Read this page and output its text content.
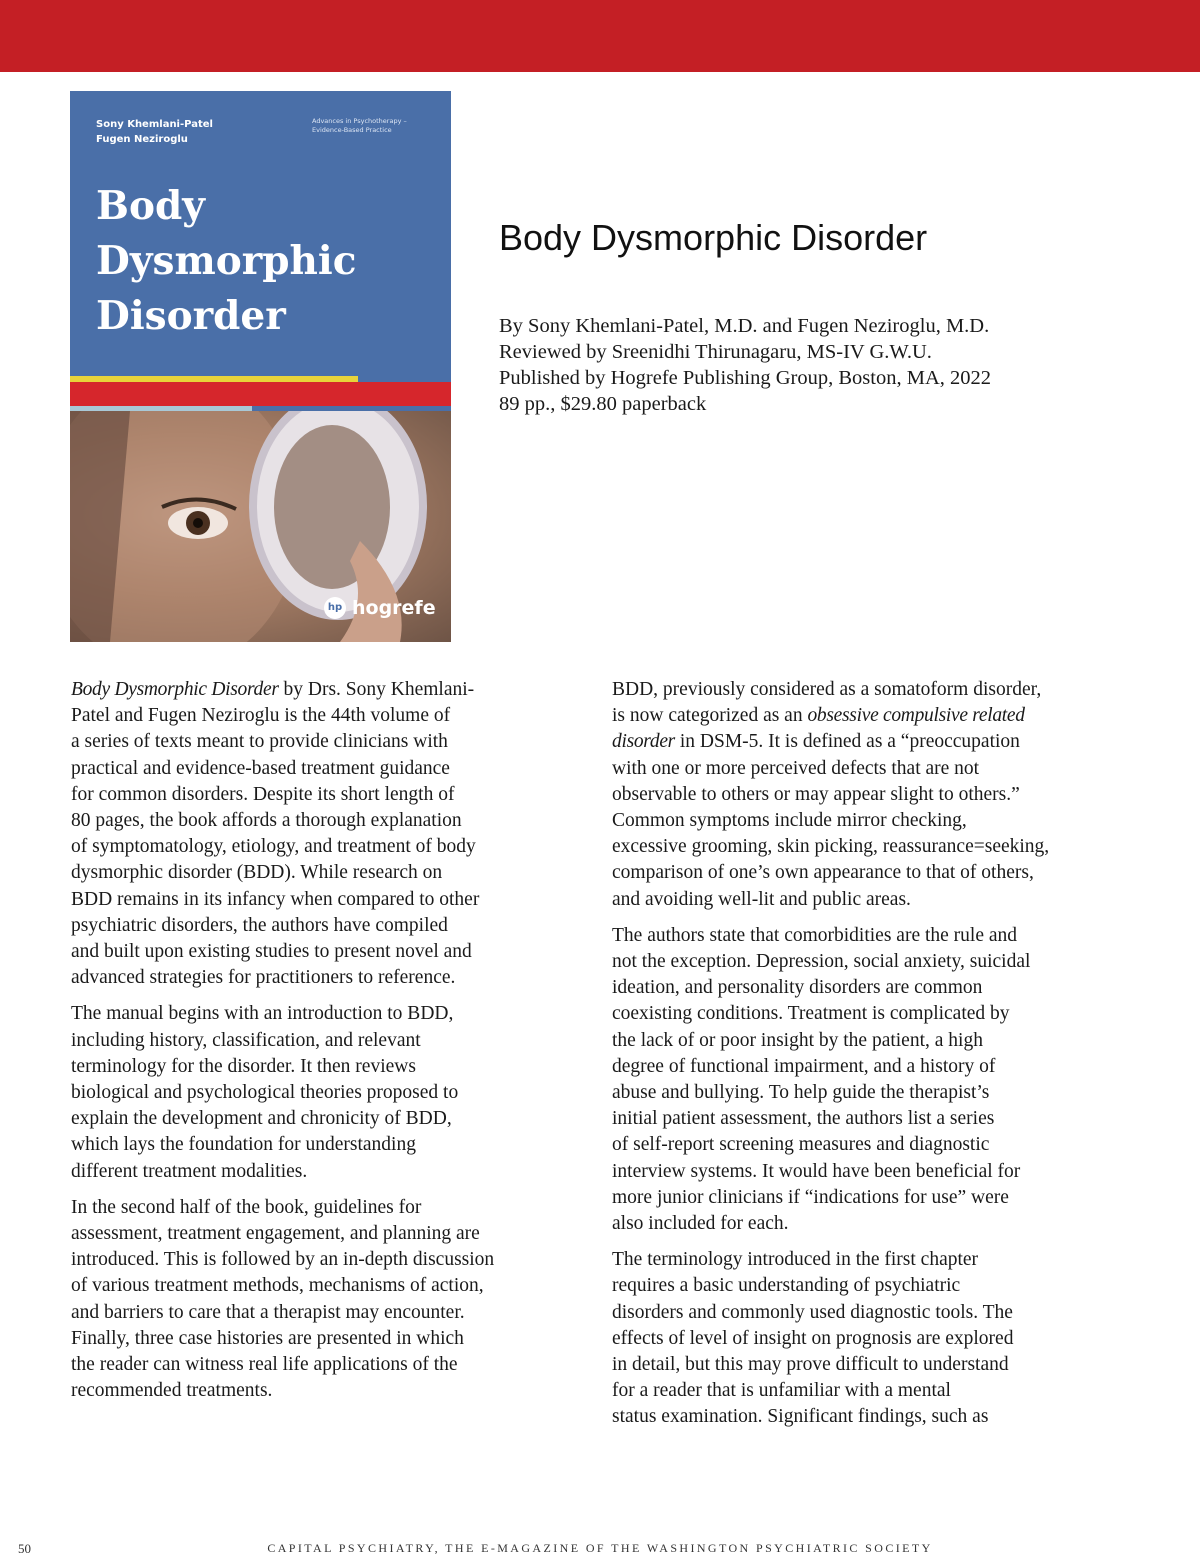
Sony Khemlani-Patel
Fugen Neziroglu
Advances in Psychotherapy –
Evidence-Based Practice
Body
Dysmorphic
Disorder
hp hogrefe
Body Dysmorphic Disorder
By Sony Khemlani-Patel, M.D. and Fugen Neziroglu, M.D.
Reviewed by Sreenidhi Thirunagaru, MS-IV G.W.U.
Published by Hogrefe Publishing Group, Boston, MA, 2022
89 pp., $29.80 paperback

Body Dysmorphic Disorder by Drs. Sony Khemlani-
Patel and Fugen Neziroglu is the 44th volume of
a series of texts meant to provide clinicians with
practical and evidence-based treatment guidance
for common disorders. Despite its short length of
80 pages, the book affords a thorough explanation
of symptomatology, etiology, and treatment of body
dysmorphic disorder (BDD). While research on
BDD remains in its infancy when compared to other
psychiatric disorders, the authors have compiled
and built upon existing studies to present novel and
advanced strategies for practitioners to reference.

The manual begins with an introduction to BDD,
including history, classification, and relevant
terminology for the disorder. It then reviews
biological and psychological theories proposed to
explain the development and chronicity of BDD,
which lays the foundation for understanding
different treatment modalities.

In the second half of the book, guidelines for
assessment, treatment engagement, and planning are
introduced. This is followed by an in-depth discussion
of various treatment methods, mechanisms of action,
and barriers to care that a therapist may encounter.
Finally, three case histories are presented in which
the reader can witness real life applications of the
recommended treatments.

BDD, previously considered as a somatoform disorder,
is now categorized as an obsessive compulsive related
disorder in DSM-5. It is defined as a “preoccupation
with one or more perceived defects that are not
observable to others or may appear slight to others.”
Common symptoms include mirror checking,
excessive grooming, skin picking, reassurance=seeking,
comparison of one’s own appearance to that of others,
and avoiding well-lit and public areas.

The authors state that comorbidities are the rule and
not the exception. Depression, social anxiety, suicidal
ideation, and personality disorders are common
coexisting conditions. Treatment is complicated by
the lack of or poor insight by the patient, a high
degree of functional impairment, and a history of
abuse and bullying. To help guide the therapist’s
initial patient assessment, the authors list a series
of self-report screening measures and diagnostic
interview systems. It would have been beneficial for
more junior clinicians if “indications for use” were
also included for each.

The terminology introduced in the first chapter
requires a basic understanding of psychiatric
disorders and commonly used diagnostic tools. The
effects of level of insight on prognosis are explored
in detail, but this may prove difficult to understand
for a reader that is unfamiliar with a mental
status examination. Significant findings, such as

CAPITAL PSYCHIATRY, THE E-MAGAZINE OF THE WASHINGTON PSYCHIATRIC SOCIETY
50
